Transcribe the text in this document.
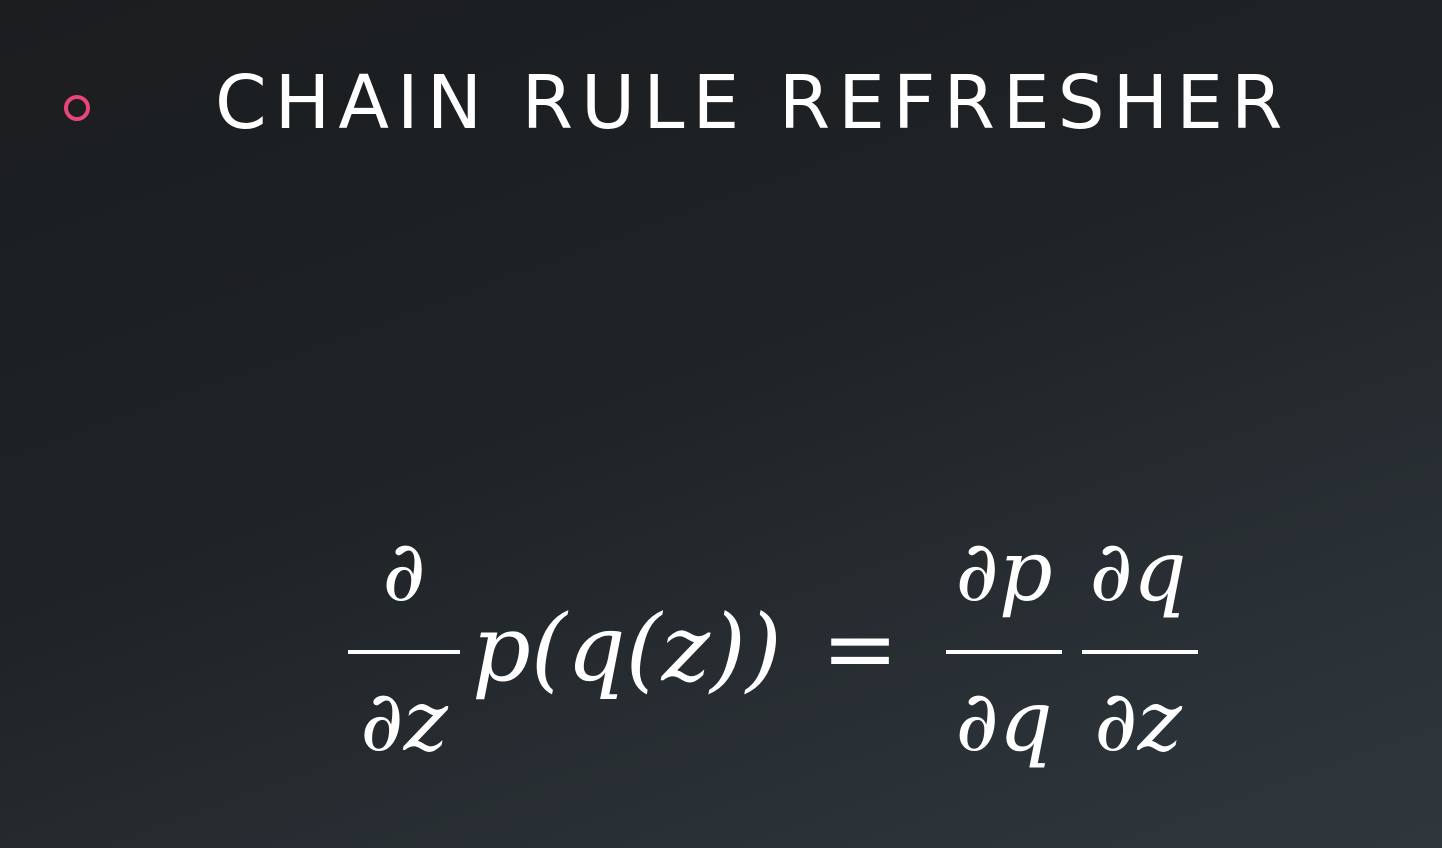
CHAIN RULE REFRESHER
∂
∂z
p(q(z)) =
∂p
∂q
∂q
∂z
